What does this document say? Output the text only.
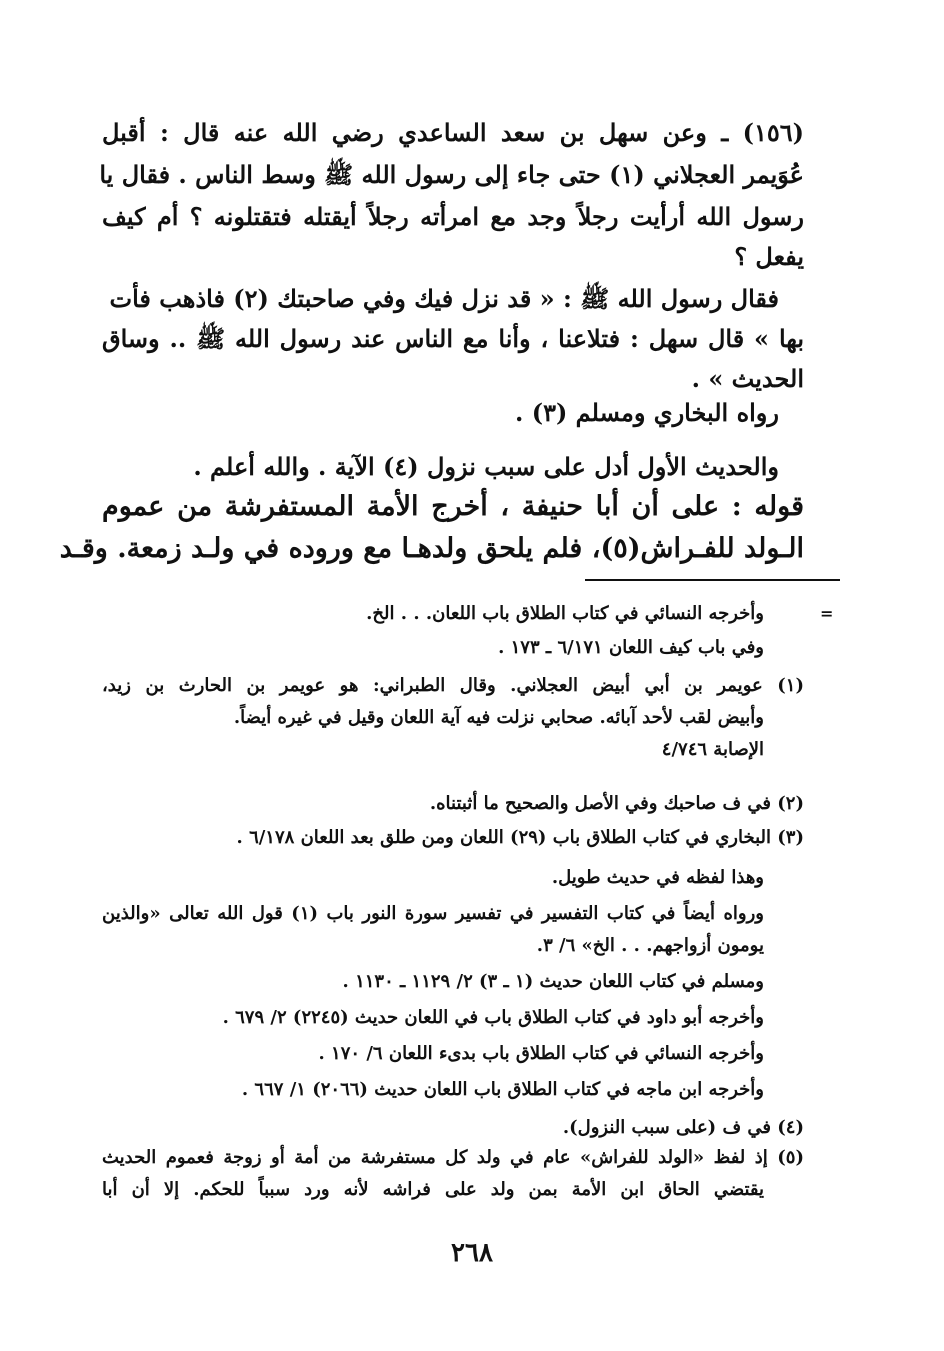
(١٥٦) ـ وعن سهل بن سعد الساعدي رضي الله عنه قال : أقبل
عُوَيمر العجلاني (١) حتى جاء إلى رسول الله ﷺ وسط الناس . فقال يا
رسول الله أرأيت رجلاً وجد مع امرأته رجلاً أيقتله فتقتلونه ؟ أم كيف
يفعل ؟
فقال رسول الله ﷺ : « قد نزل فيك وفي صاحبتك (٢) فاذهب فأت
بها » قال سهل : فتلاعنا ، وأنا مع الناس عند رسول الله ﷺ .. وساق
الحديث » .
رواه البخاري ومسلم (٣) .
والحديث الأول أدل على سبب نزول (٤) الآية . والله أعلم .
قوله : على أن أبا حنيفة ، أخرج الأمة المستفرشة من عموم
الـولد للفـراش(٥)، فلم يلحق ولدهـا مع وروده في ولـد زمعة. وقـد
=
وأخرجه النسائي في كتاب الطلاق باب اللعان. . . الخ.
وفي باب كيف اللعان ٦/١٧١ ـ ١٧٣ .
(١) عويمر بن أبي أبيض العجلاني. وقال الطبراني: هو عويمر بن الحارث بن زيد،
وأبيض لقب لأحد آبائه. صحابي نزلت فيه آية اللعان وقيل في غيره أيضاً.
الإصابة ٤/٧٤٦
(٢) في ف صاحبك وفي الأصل والصحيح ما أثبتناه.
(٣) البخاري في كتاب الطلاق باب (٢٩) اللعان ومن طلق بعد اللعان ٦/١٧٨ .
وهذا لفظه في حديث طويل.
ورواه أيضاً في كتاب التفسير في تفسير سورة النور باب (١) قول الله تعالى «والذين
يومون أزواجهم. . . الخ» ٦/ ٣.
ومسلم في كتاب اللعان حديث (١ ـ ٣) ٢/ ١١٢٩ ـ ١١٣٠ .
وأخرجه أبو داود في كتاب الطلاق باب في اللعان حديث (٢٢٤٥) ٢/ ٦٧٩ .
وأخرجه النسائي في كتاب الطلاق باب بدىء اللعان ٦/ ١٧٠ .
وأخرجه ابن ماجه في كتاب الطلاق باب اللعان حديث (٢٠٦٦) ١/ ٦٦٧ .
(٤) في ف (على سبب النزول).
(٥) إذ لفظ «الولد للفراش» عام في ولد كل مستفرشة من أمة أو زوجة فعموم الحديث
يقتضي الحاق ابن الأمة بمن ولد على فراشه لأنه ورد سبباً للحكم. إلا أن أبا
٢٦٨
